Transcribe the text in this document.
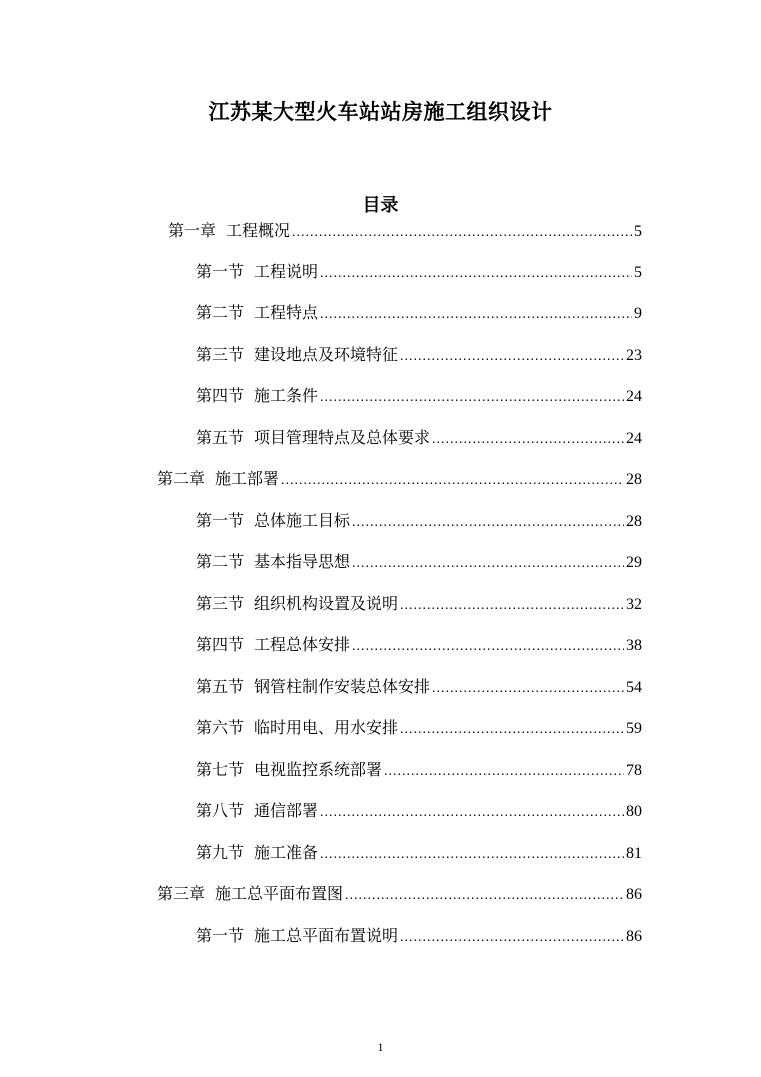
江苏某大型火车站站房施工组织设计
目录
第一章 工程概况 .....	5
第一节 工程说明 .....	5
第二节 工程特点 .....	9
第三节 建设地点及环境特征 .....	23
第四节 施工条件 .....	24
第五节 项目管理特点及总体要求 .....	24
第二章 施工部署 .....	28
第一节 总体施工目标 .....	28
第二节 基本指导思想 .....	29
第三节 组织机构设置及说明 .....	32
第四节 工程总体安排 .....	38
第五节 钢管柱制作安装总体安排 .....	54
第六节 临时用电、用水安排 .....	59
第七节 电视监控系统部署 .....	78
第八节 通信部署 .....	80
第九节 施工准备 .....	81
第三章 施工总平面布置图 .....	86
第一节 施工总平面布置说明 .....	86
1
